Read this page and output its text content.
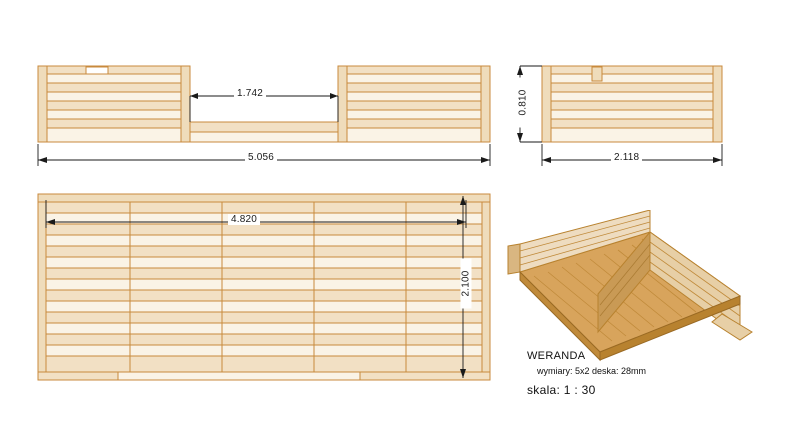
1.742
5.056
0.810
2.118
4.820
2.100
WERANDA
wymiary: 5x2 deska: 28mm
skala: 1 : 30
